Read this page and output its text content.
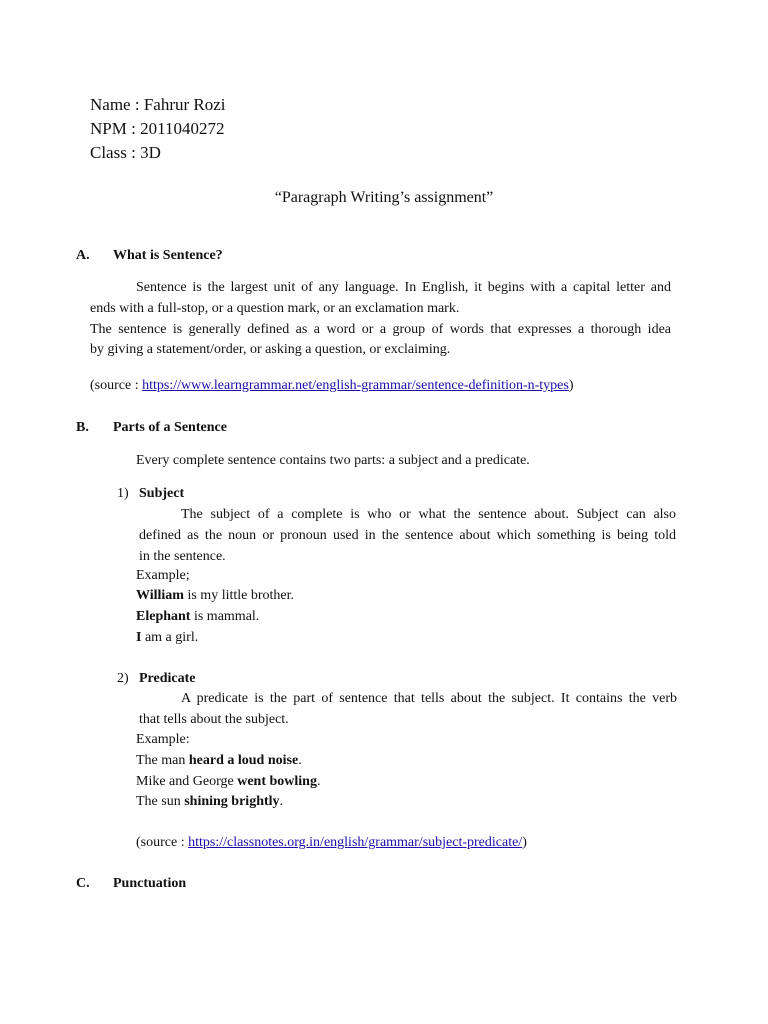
Name : Fahrur Rozi
NPM : 2011040272
Class : 3D
“Paragraph Writing’s assignment”
A. What is Sentence?

Sentence is the largest unit of any language. In English, it begins with a capital letter and

ends with a full-stop, or a question mark, or an exclamation mark.

The sentence is generally defined as a word or a group of words that expresses a thorough idea

by giving a statement/order, or asking a question, or exclaiming.

(source : https://www.learngrammar.net/english-grammar/sentence-definition-n-types)
B. Parts of a Sentence
Every complete sentence contains two parts: a subject and a predicate.
1) Subject

The subject of a complete is who or what the sentence about. Subject can also

defined as the noun or pronoun used in the sentence about which something is being told

in the sentence.

Example;
William is my little brother.
Elephant is mammal.
I am a girl.
2) Predicate

A predicate is the part of sentence that tells about the subject. It contains the verb

that tells about the subject.

Example:
The man heard a loud noise.
Mike and George went bowling.
The sun shining brightly.
(source : https://classnotes.org.in/english/grammar/subject-predicate/)
C. Punctuation
